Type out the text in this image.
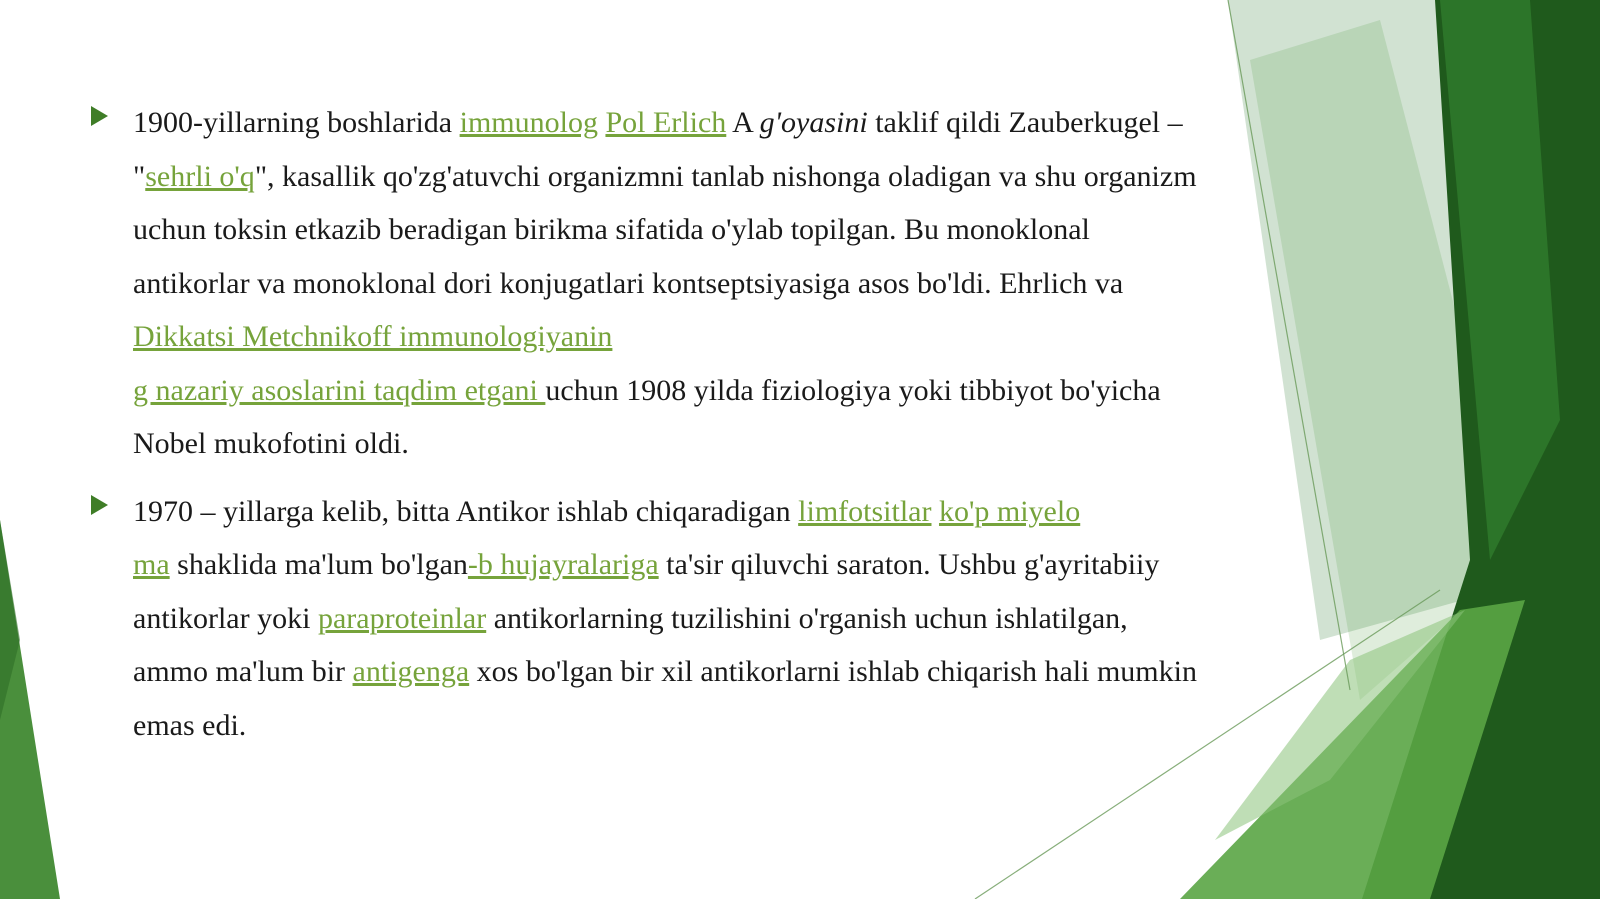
1900-yillarning boshlarida immunolog Pol Erlich A g'oyasini taklif qildi Zauberkugel – "sehrli o'q", kasallik qo'zg'atuvchi organizmni tanlab nishonga oladigan va shu organizm uchun toksin etkazib beradigan birikma sifatida o'ylab topilgan. Bu monoklonal antikorlar va monoklonal dori konjugatlari kontseptsiyasiga asos bo'ldi. Ehrlich va Dikkatsi Metchnikoff immunologiyanin
g nazariy asoslarini taqdim etgani uchun 1908 yilda fiziologiya yoki tibbiyot bo'yicha Nobel mukofotini oldi.
1970 – yillarga kelib, bitta Antikor ishlab chiqaradigan limfotsitlar ko'p miyelo
ma shaklida ma'lum bo'lgan-b hujayralariga ta'sir qiluvchi saraton. Ushbu g'ayritabiiy antikorlar yoki paraproteinlar antikorlarning tuzilishini o'rganish uchun ishlatilgan, ammo ma'lum bir antigenga xos bo'lgan bir xil antikorlarni ishlab chiqarish hali mumkin emas edi.
